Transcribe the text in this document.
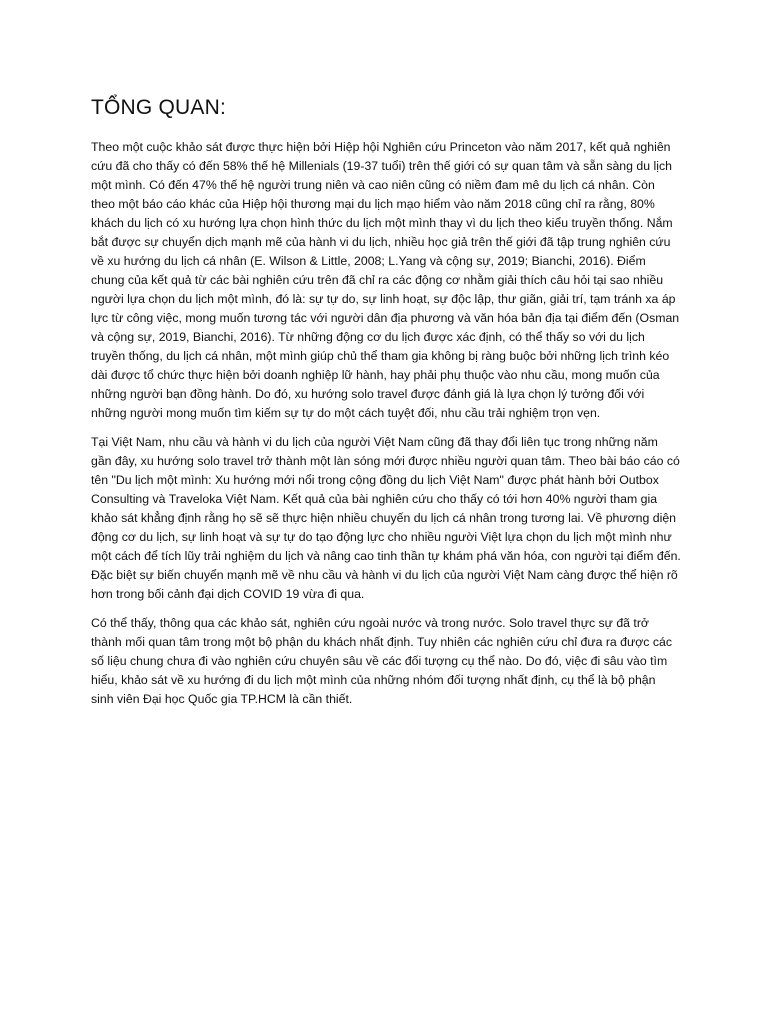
TỔNG QUAN:

Theo một cuộc khảo sát được thực hiện bởi Hiệp hội Nghiên cứu Princeton vào năm 2017, kết quả nghiên cứu đã cho thấy có đến 58% thế hệ Millenials (19-37 tuổi) trên thế giới có sự quan tâm và sẵn sàng du lịch một mình. Có đến 47% thế hệ người trung niên và cao niên cũng có niềm đam mê du lịch cá nhân. Còn theo một báo cáo khác của Hiệp hội thương mại du lịch mạo hiểm vào năm 2018 cũng chỉ ra rằng, 80% khách du lịch có xu hướng lựa chọn hình thức du lịch một mình thay vì du lịch theo kiểu truyền thống. Nắm bắt được sự chuyển dịch mạnh mẽ của hành vi du lịch, nhiều học giả trên thế giới đã tập trung nghiên cứu về xu hướng du lịch cá nhân (E. Wilson & Little, 2008; L.Yang và cộng sự, 2019; Bianchi, 2016). Điểm chung của kết quả từ các bài nghiên cứu trên đã chỉ ra các động cơ nhằm giải thích câu hỏi tại sao nhiều người lựa chọn du lịch một mình, đó là: sự tự do, sự linh hoạt, sự độc lập, thư giãn, giải trí, tạm tránh xa áp lực từ công việc, mong muốn tương tác với người dân địa phương và văn hóa bản địa tại điểm đến (Osman và cộng sự, 2019, Bianchi, 2016). Từ những động cơ du lịch được xác định, có thể thấy so với du lịch truyền thống, du lịch cá nhân, một mình giúp chủ thể tham gia không bị ràng buộc bởi những lịch trình kéo dài được tổ chức thực hiện bởi doanh nghiệp lữ hành, hay phải phụ thuộc vào nhu cầu, mong muốn của những người bạn đồng hành. Do đó, xu hướng solo travel được đánh giá là lựa chọn lý tưởng đối với những người mong muốn tìm kiếm sự tự do một cách tuyệt đối, nhu cầu trải nghiệm trọn vẹn.

Tại Việt Nam, nhu cầu và hành vi du lịch của người Việt Nam cũng đã thay đổi liên tục trong những năm gần đây, xu hướng solo travel trở thành một làn sóng mới được nhiều người quan tâm. Theo bài báo cáo có tên "Du lịch một mình: Xu hướng mới nổi trong cộng đồng du lịch Việt Nam" được phát hành bởi Outbox Consulting và Traveloka Việt Nam. Kết quả của bài nghiên cứu cho thấy có tới hơn 40% người tham gia khảo sát khẳng định rằng họ sẽ sẽ thực hiện nhiều chuyến du lịch cá nhân trong tương lai. Về phương diện động cơ du lịch, sự linh hoạt và sự tự do tạo động lực cho nhiều người Việt lựa chọn du lịch một mình như một cách để tích lũy trải nghiệm du lịch và nâng cao tinh thần tự khám phá văn hóa, con người tại điểm đến. Đặc biệt sự biến chuyển mạnh mẽ về nhu cầu và hành vi du lịch của người Việt Nam càng được thể hiện rõ hơn trong bối cảnh đại dịch COVID 19 vừa đi qua.

Có thể thấy, thông qua các khảo sát, nghiên cứu ngoài nước và trong nước. Solo travel thực sự đã trở thành mối quan tâm trong một bộ phận du khách nhất định. Tuy nhiên các nghiên cứu chỉ đưa ra được các số liệu chung chưa đi vào nghiên cứu chuyên sâu về các đối tượng cụ thể nào. Do đó, việc đi sâu vào tìm hiểu, khảo sát về xu hướng đi du lịch một mình của những nhóm đối tượng nhất định, cụ thể là bộ phận sinh viên Đại học Quốc gia TP.HCM là cần thiết.
